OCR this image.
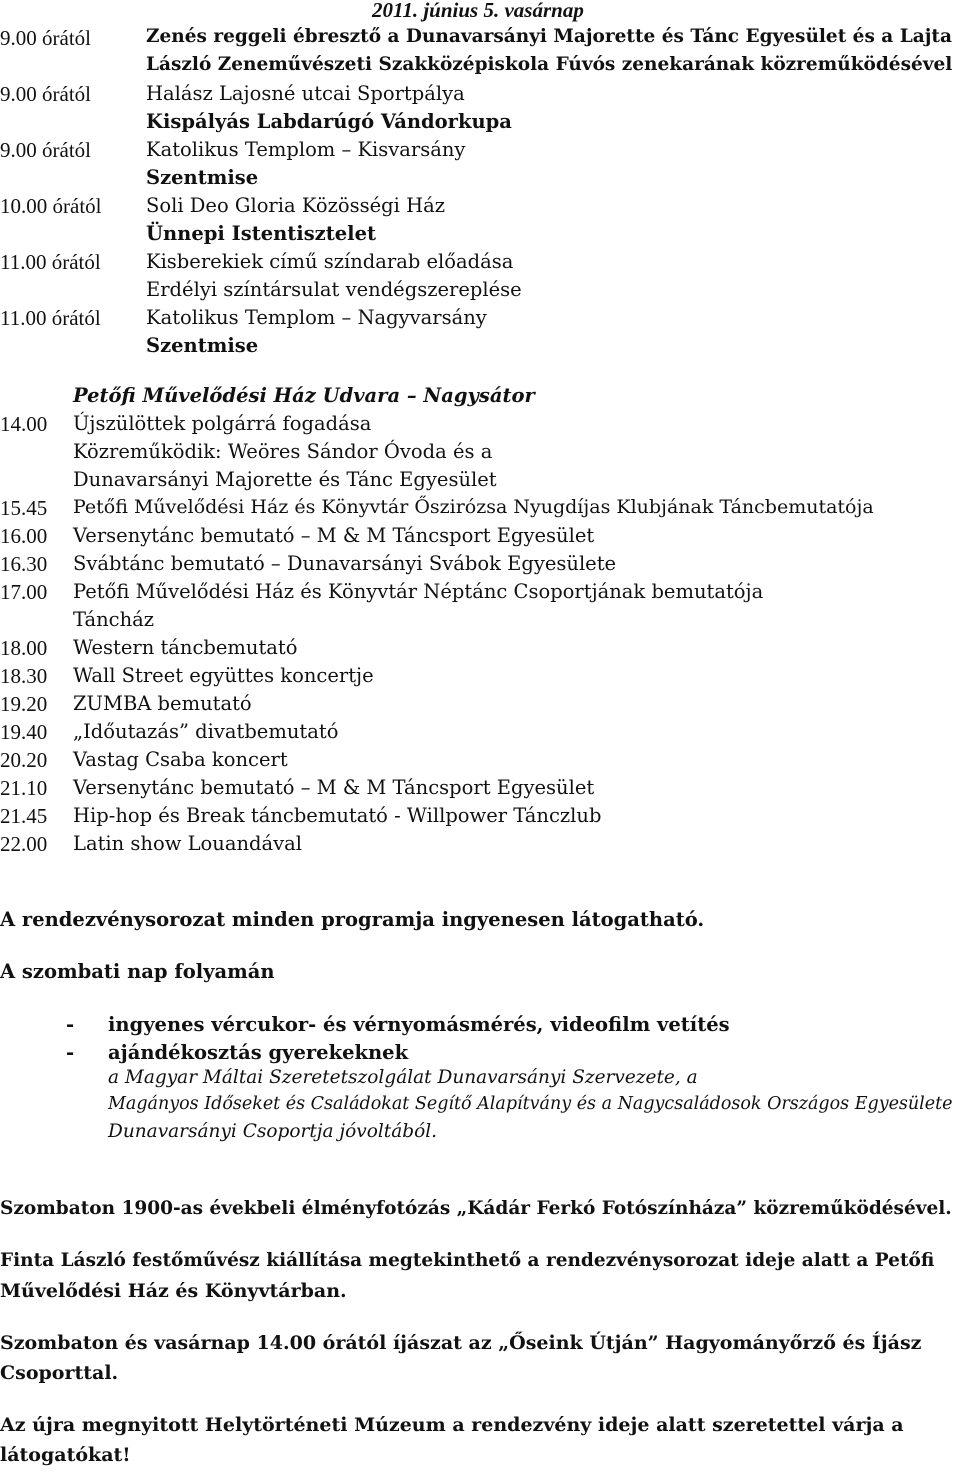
2011. június 5. vasárnap
9.00 órától	Zenés reggeli ébresztő a Dunavarsányi Majorette és Tánc Egyesület és a Lajta
László Zeneművészeti Szakközépiskola Fúvós zenekarának közreműködésével
9.00 órától	Halász Lajosné utcai Sportpálya
Kispályás Labdarúgó Vándorkupa
9.00 órától	Katolikus Templom – Kisvarsány
Szentmise
10.00 órától Soli Deo Gloria Közösségi Ház
Ünnepi Istentisztelet
11.00 órától Kisberekiek című színdarab előadása
Erdélyi színtársulat vendégszereplése
11.00 órától Katolikus Templom – Nagyvarsány
Szentmise
Petőfi Művelődési Ház Udvara – Nagysátor
14.00 Újszülöttek polgárrá fogadása
Közreműködik: Weöres Sándor Óvoda és a
Dunavarsányi Majorette és Tánc Egyesület
15.45 Petőfi Művelődési Ház és Könyvtár Őszirózsa Nyugdíjas Klubjának Táncbemutatója
16.00 Versenytánc bemutató – M & M Táncsport Egyesület
16.30 Svábtánc bemutató – Dunavarsányi Svábok Egyesülete
17.00 Petőfi Művelődési Ház és Könyvtár Néptánc Csoportjának bemutatója
Táncház
18.00 Western táncbemutató
18.30 Wall Street együttes koncertje
19.20 ZUMBA bemutató
19.40 „Időutazás” divatbemutató
20.20 Vastag Csaba koncert
21.10 Versenytánc bemutató – M & M Táncsport Egyesület
21.45 Hip-hop és Break táncbemutató - Willpower Tánczlub
22.00 Latin show Louandával
A rendezvénysorozat minden programja ingyenesen látogatható.
A szombati nap folyamán
- ingyenes vércukor- és vérnyomásmérés, videofilm vetítés
- ajándékosztás gyerekeknek
a Magyar Máltai Szeretetszolgálat Dunavarsányi Szervezete, a
Magányos Időseket és Családokat Segítő Alapítvány és a Nagycsaládosok Országos Egyesülete
Dunavarsányi Csoportja jóvoltából.
Szombaton 1900-as évekbeli élményfotózás „Kádár Ferkó Fotószínháza” közreműködésével.
Finta László festőművész kiállítása megtekinthető a rendezvénysorozat ideje alatt a Petőfi
Művelődési Ház és Könyvtárban.
Szombaton és vasárnap 14.00 órától íjászat az „Őseink Útján” Hagyományőrző és Íjász
Csoporttal.
Az újra megnyitott Helytörténeti Múzeum a rendezvény ideje alatt szeretettel várja a
látogatókat!
